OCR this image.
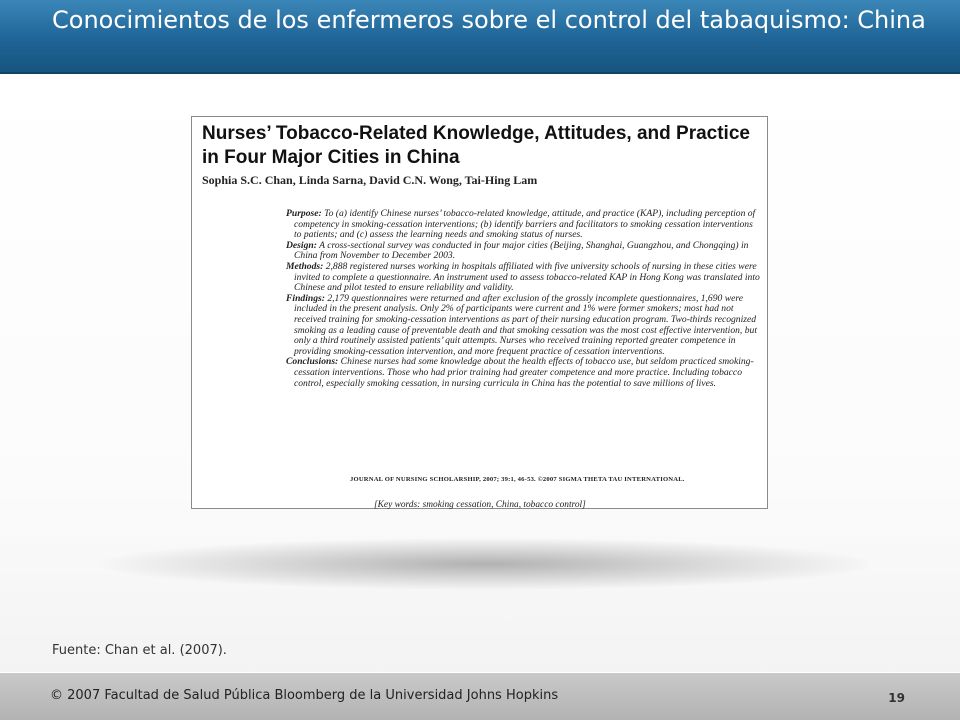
Conocimientos de los enfermeros sobre el control del tabaquismo: China
Nurses’ Tobacco-Related Knowledge, Attitudes, and Practice in Four Major Cities in China
Sophia S.C. Chan, Linda Sarna, David C.N. Wong, Tai-Hing Lam

Purpose: To (a) identify Chinese nurses’ tobacco-related knowledge, attitude, and practice (KAP), including perception of competency in smoking-cessation interventions; (b) identify barriers and facilitators to smoking cessation interventions to patients; and (c) assess the learning needs and smoking status of nurses.

Design: A cross-sectional survey was conducted in four major cities (Beijing, Shanghai, Guangzhou, and Chongqing) in China from November to December 2003.

Methods: 2,888 registered nurses working in hospitals affiliated with five university schools of nursing in these cities were invited to complete a questionnaire. An instrument used to assess tobacco-related KAP in Hong Kong was translated into Chinese and pilot tested to ensure reliability and validity.

Findings: 2,179 questionnaires were returned and after exclusion of the grossly incomplete questionnaires, 1,690 were included in the present analysis. Only 2% of participants were current and 1% were former smokers; most had not received training for smoking-cessation interventions as part of their nursing education program. Two-thirds recognized smoking as a leading cause of preventable death and that smoking cessation was the most cost effective intervention, but only a third routinely assisted patients’ quit attempts. Nurses who received training reported greater competence in providing smoking-cessation intervention, and more frequent practice of cessation interventions.

Conclusions: Chinese nurses had some knowledge about the health effects of tobacco use, but seldom practiced smoking-cessation interventions. Those who had prior training had greater competence and more practice. Including tobacco control, especially smoking cessation, in nursing curricula in China has the potential to save millions of lives.

JOURNAL OF NURSING SCHOLARSHIP, 2007; 39:1, 46-53. ©2007 SIGMA THETA TAU INTERNATIONAL.
[Key words: smoking cessation, China, tobacco control]
Fuente: Chan et al. (2007).
© 2007 Facultad de Salud Pública Bloomberg de la Universidad Johns Hopkins	19
